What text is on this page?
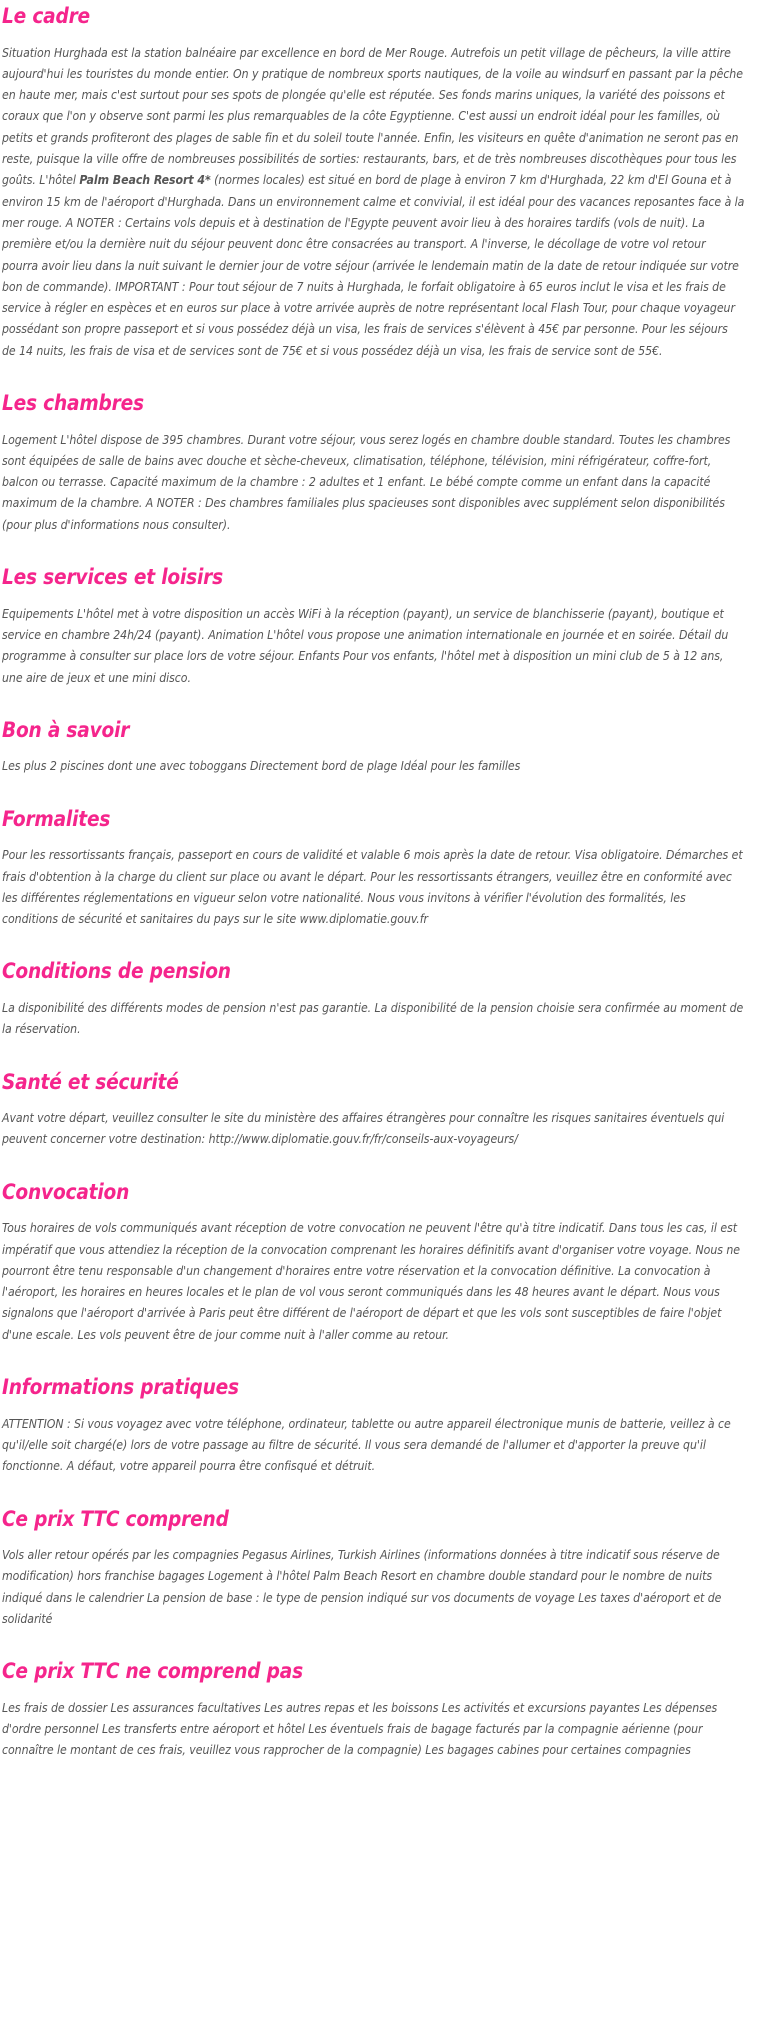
Le cadre

Situation Hurghada est la station balnéaire par excellence en bord de Mer Rouge. Autrefois un petit village de pêcheurs, la ville attire aujourd'hui les touristes du monde entier. On y pratique de nombreux sports nautiques, de la voile au windsurf en passant par la pêche en haute mer, mais c'est surtout pour ses spots de plongée qu'elle est réputée. Ses fonds marins uniques, la variété des poissons et coraux que l'on y observe sont parmi les plus remarquables de la côte Egyptienne. C'est aussi un endroit idéal pour les familles, où petits et grands profiteront des plages de sable fin et du soleil toute l'année. Enfin, les visiteurs en quête d'animation ne seront pas en reste, puisque la ville offre de nombreuses possibilités de sorties: restaurants, bars, et de très nombreuses discothèques pour tous les goûts. L'hôtel Palm Beach Resort 4* (normes locales) est situé en bord de plage à environ 7 km d'Hurghada, 22 km d'El Gouna et à environ 15 km de l'aéroport d'Hurghada. Dans un environnement calme et convivial, il est idéal pour des vacances reposantes face à la mer rouge. A NOTER : Certains vols depuis et à destination de l'Egypte peuvent avoir lieu à des horaires tardifs (vols de nuit). La première et/ou la dernière nuit du séjour peuvent donc être consacrées au transport. A l'inverse, le décollage de votre vol retour pourra avoir lieu dans la nuit suivant le dernier jour de votre séjour (arrivée le lendemain matin de la date de retour indiquée sur votre bon de commande). IMPORTANT : Pour tout séjour de 7 nuits à Hurghada, le forfait obligatoire à 65 euros inclut le visa et les frais de service à régler en espèces et en euros sur place à votre arrivée auprès de notre représentant local Flash Tour, pour chaque voyageur possédant son propre passeport et si vous possédez déjà un visa, les frais de services s'élèvent à 45€ par personne. Pour les séjours de 14 nuits, les frais de visa et de services sont de 75€ et si vous possédez déjà un visa, les frais de service sont de 55€.

Les chambres

Logement L'hôtel dispose de 395 chambres. Durant votre séjour, vous serez logés en chambre double standard. Toutes les chambres sont équipées de salle de bains avec douche et sèche-cheveux, climatisation, téléphone, télévision, mini réfrigérateur, coffre-fort, balcon ou terrasse. Capacité maximum de la chambre : 2 adultes et 1 enfant. Le bébé compte comme un enfant dans la capacité maximum de la chambre. A NOTER : Des chambres familiales plus spacieuses sont disponibles avec supplément selon disponibilités (pour plus d'informations nous consulter).

Les services et loisirs

Equipements L'hôtel met à votre disposition un accès WiFi à la réception (payant), un service de blanchisserie (payant), boutique et service en chambre 24h/24 (payant). Animation L'hôtel vous propose une animation internationale en journée et en soirée. Détail du programme à consulter sur place lors de votre séjour. Enfants Pour vos enfants, l'hôtel met à disposition un mini club de 5 à 12 ans, une aire de jeux et une mini disco.

Bon à savoir

Les plus 2 piscines dont une avec toboggans Directement bord de plage Idéal pour les familles

Formalites

Pour les ressortissants français, passeport en cours de validité et valable 6 mois après la date de retour. Visa obligatoire. Démarches et frais d'obtention à la charge du client sur place ou avant le départ. Pour les ressortissants étrangers, veuillez être en conformité avec les différentes réglementations en vigueur selon votre nationalité. Nous vous invitons à vérifier l'évolution des formalités, les conditions de sécurité et sanitaires du pays sur le site www.diplomatie.gouv.fr

Conditions de pension

La disponibilité des différents modes de pension n'est pas garantie. La disponibilité de la pension choisie sera confirmée au moment de la réservation.

Santé et sécurité

Avant votre départ, veuillez consulter le site du ministère des affaires étrangères pour connaître les risques sanitaires éventuels qui peuvent concerner votre destination: http://www.diplomatie.gouv.fr/fr/conseils-aux-voyageurs/

Convocation

Tous horaires de vols communiqués avant réception de votre convocation ne peuvent l'être qu'à titre indicatif. Dans tous les cas, il est impératif que vous attendiez la réception de la convocation comprenant les horaires définitifs avant d'organiser votre voyage. Nous ne pourront être tenu responsable d'un changement d'horaires entre votre réservation et la convocation définitive. La convocation à l'aéroport, les horaires en heures locales et le plan de vol vous seront communiqués dans les 48 heures avant le départ. Nous vous signalons que l'aéroport d'arrivée à Paris peut être différent de l'aéroport de départ et que les vols sont susceptibles de faire l'objet d'une escale. Les vols peuvent être de jour comme nuit à l'aller comme au retour.

Informations pratiques

ATTENTION : Si vous voyagez avec votre téléphone, ordinateur, tablette ou autre appareil électronique munis de batterie, veillez à ce qu'il/elle soit chargé(e) lors de votre passage au filtre de sécurité. Il vous sera demandé de l'allumer et d'apporter la preuve qu'il fonctionne. A défaut, votre appareil pourra être confisqué et détruit.

Ce prix TTC comprend

Vols aller retour opérés par les compagnies Pegasus Airlines, Turkish Airlines (informations données à titre indicatif sous réserve de modification) hors franchise bagages Logement à l'hôtel Palm Beach Resort en chambre double standard pour le nombre de nuits indiqué dans le calendrier La pension de base : le type de pension indiqué sur vos documents de voyage Les taxes d'aéroport et de solidarité

Ce prix TTC ne comprend pas

Les frais de dossier Les assurances facultatives Les autres repas et les boissons Les activités et excursions payantes Les dépenses d'ordre personnel Les transferts entre aéroport et hôtel Les éventuels frais de bagage facturés par la compagnie aérienne (pour connaître le montant de ces frais, veuillez vous rapprocher de la compagnie) Les bagages cabines pour certaines compagnies
